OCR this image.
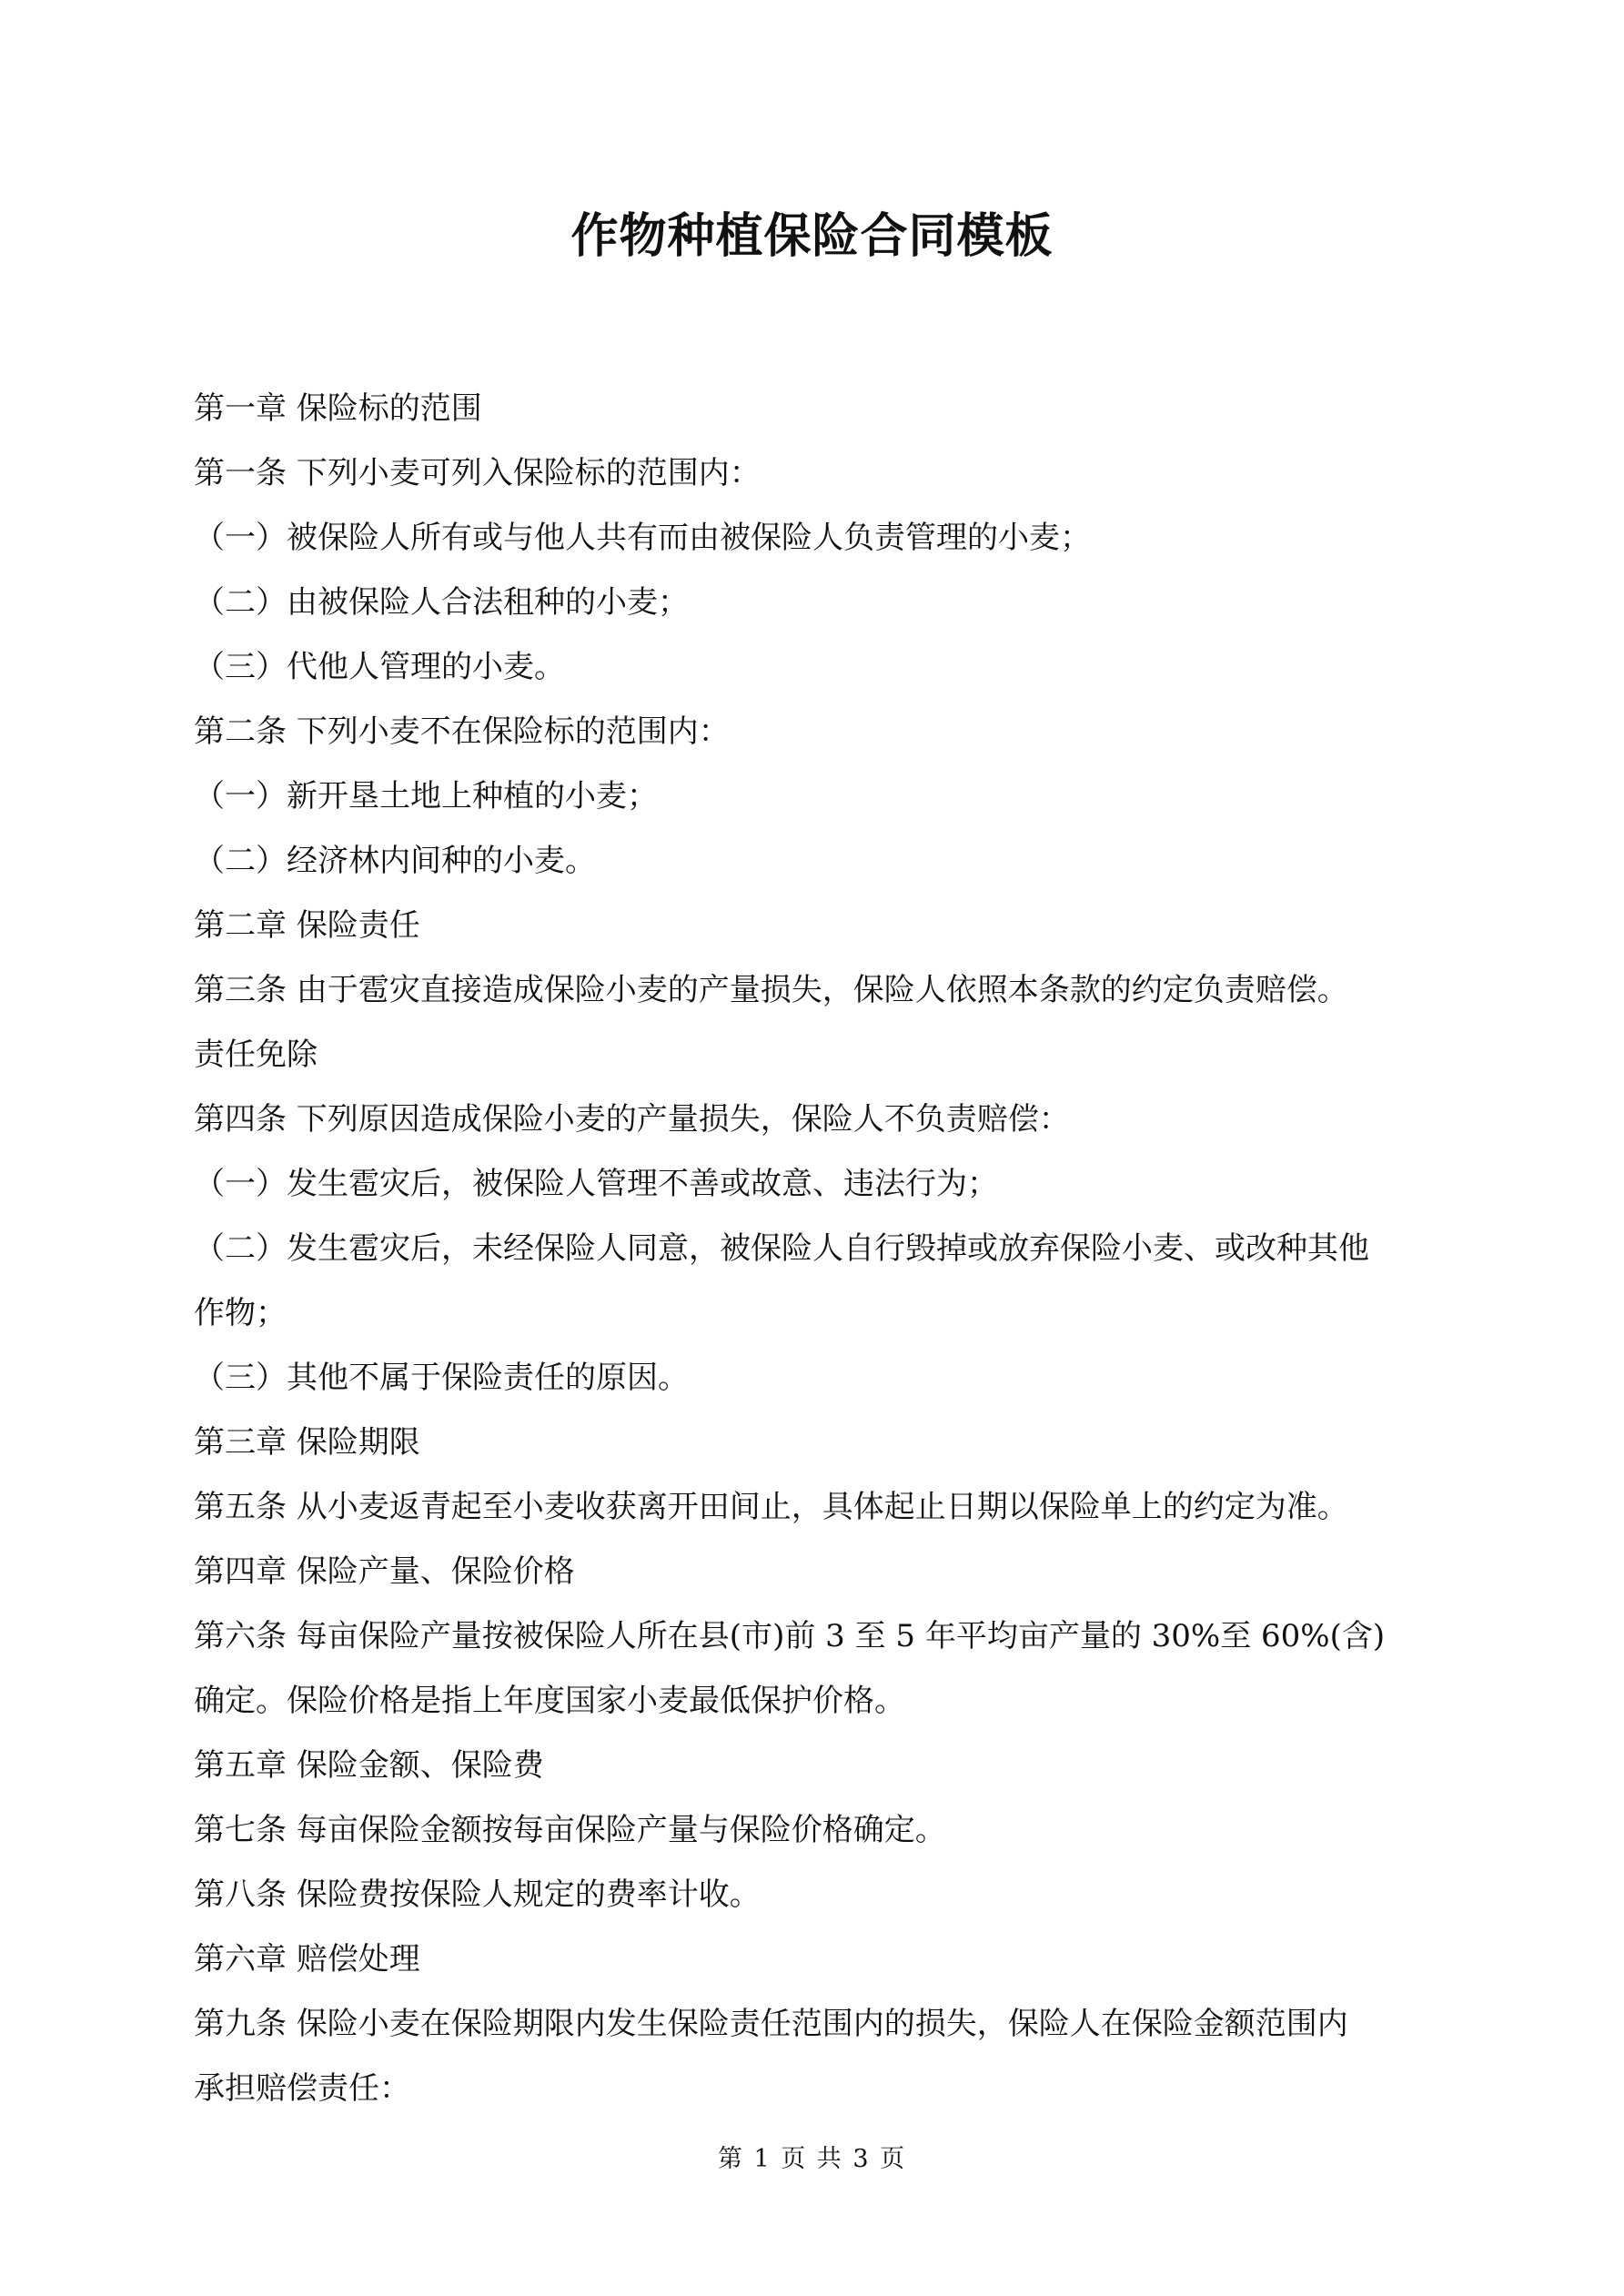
作物种植保险合同模板
第一章 保险标的范围
第一条 下列小麦可列入保险标的范围内：
（一）被保险人所有或与他人共有而由被保险人负责管理的小麦；
（二）由被保险人合法租种的小麦；
（三）代他人管理的小麦。
第二条 下列小麦不在保险标的范围内：
（一）新开垦土地上种植的小麦；
（二）经济林内间种的小麦。
第二章 保险责任
第三条 由于雹灾直接造成保险小麦的产量损失，保险人依照本条款的约定负责赔偿。
责任免除
第四条 下列原因造成保险小麦的产量损失，保险人不负责赔偿：
（一）发生雹灾后，被保险人管理不善或故意、违法行为；
（二）发生雹灾后，未经保险人同意，被保险人自行毁掉或放弃保险小麦、或改种其他
作物；
（三）其他不属于保险责任的原因。
第三章 保险期限
第五条 从小麦返青起至小麦收获离开田间止，具体起止日期以保险单上的约定为准。
第四章 保险产量、保险价格
第六条 每亩保险产量按被保险人所在县(市)前 3 至 5 年平均亩产量的 30%至 60%(含)
确定。保险价格是指上年度国家小麦最低保护价格。
第五章 保险金额、保险费
第七条 每亩保险金额按每亩保险产量与保险价格确定。
第八条 保险费按保险人规定的费率计收。
第六章 赔偿处理
第九条 保险小麦在保险期限内发生保险责任范围内的损失，保险人在保险金额范围内
承担赔偿责任：
第 1 页 共 3 页
